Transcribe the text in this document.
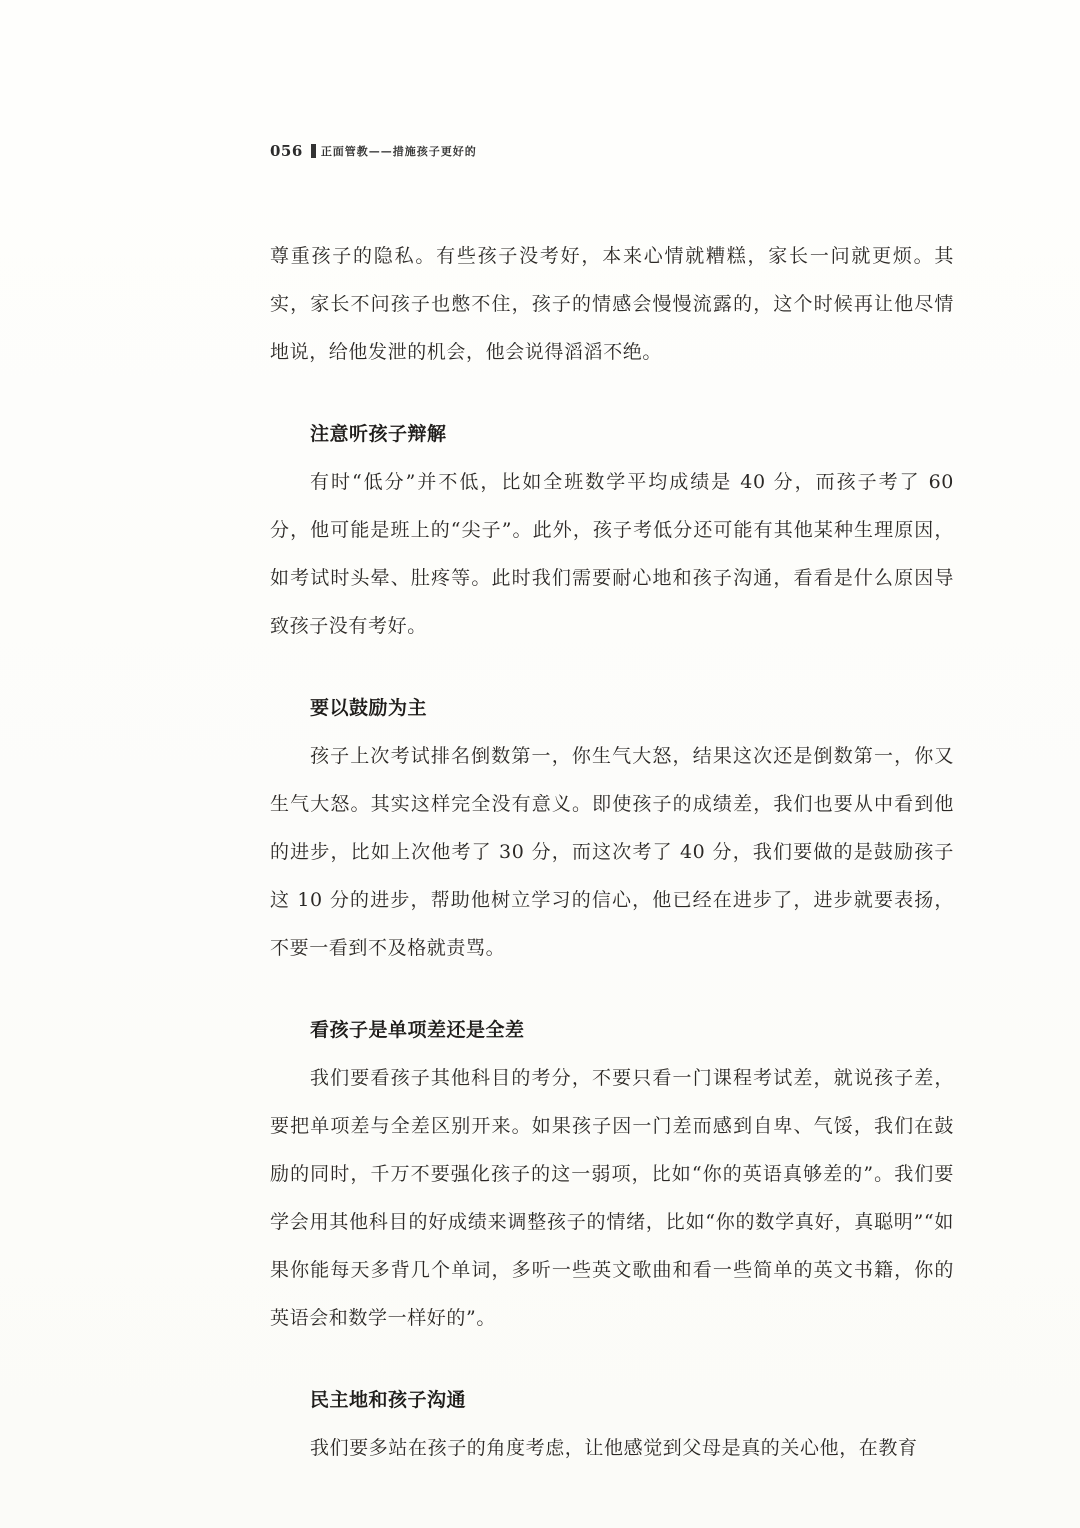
056 正面管教——措施孩子更好的

尊重孩子的隐私。有些孩子没考好，本来心情就糟糕，家长一问就更烦。其实，家长不问孩子也憋不住，孩子的情感会慢慢流露的，这个时候再让他尽情地说，给他发泄的机会，他会说得滔滔不绝。

注意听孩子辩解

有时“低分”并不低，比如全班数学平均成绩是 40 分，而孩子考了 60 分，他可能是班上的“尖子”。此外，孩子考低分还可能有其他某种生理原因，如考试时头晕、肚疼等。此时我们需要耐心地和孩子沟通，看看是什么原因导致孩子没有考好。

要以鼓励为主

孩子上次考试排名倒数第一，你生气大怒，结果这次还是倒数第一，你又生气大怒。其实这样完全没有意义。即使孩子的成绩差，我们也要从中看到他的进步，比如上次他考了 30 分，而这次考了 40 分，我们要做的是鼓励孩子这 10 分的进步，帮助他树立学习的信心，他已经在进步了，进步就要表扬，不要一看到不及格就责骂。

看孩子是单项差还是全差

我们要看孩子其他科目的考分，不要只看一门课程考试差，就说孩子差，要把单项差与全差区别开来。如果孩子因一门差而感到自卑、气馁，我们在鼓励的同时，千万不要强化孩子的这一弱项，比如“你的英语真够差的”。我们要学会用其他科目的好成绩来调整孩子的情绪，比如“你的数学真好，真聪明”“如果你能每天多背几个单词，多听一些英文歌曲和看一些简单的英文书籍，你的英语会和数学一样好的”。

民主地和孩子沟通

我们要多站在孩子的角度考虑，让他感觉到父母是真的关心他，在教育
